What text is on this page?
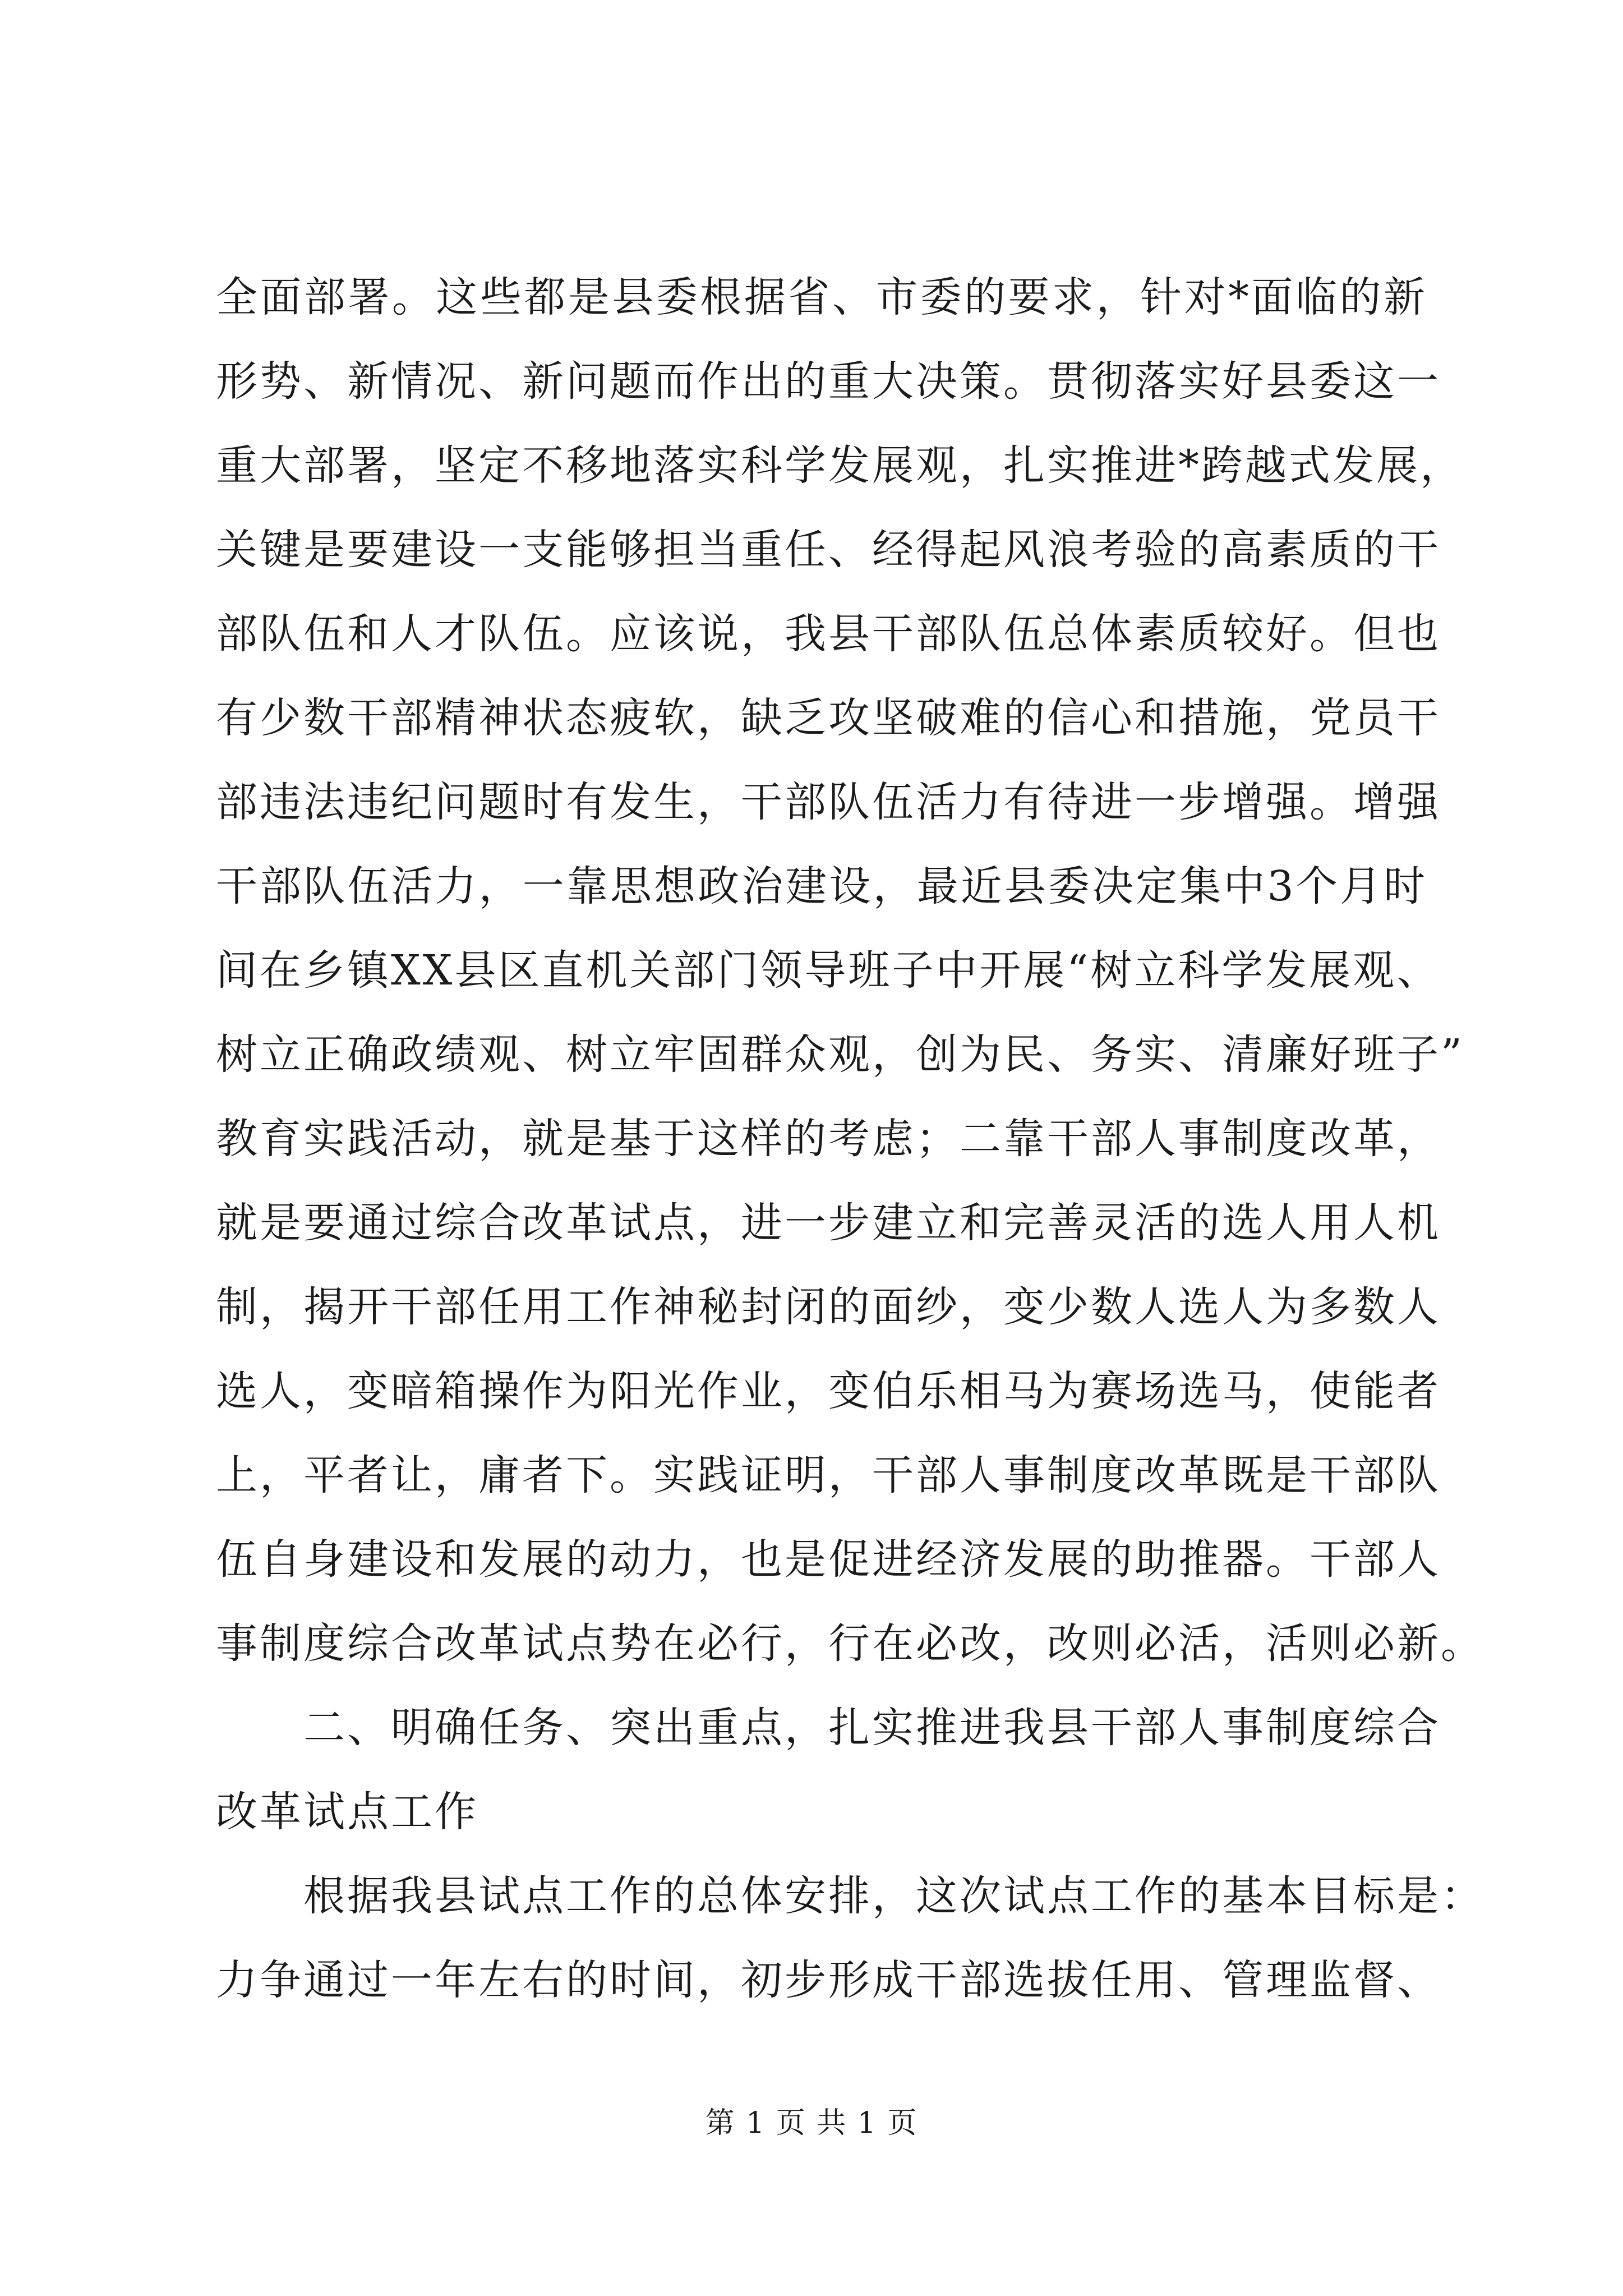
全面部署。这些都是县委根据省、市委的要求，针对*面临的新
形势、新情况、新问题而作出的重大决策。贯彻落实好县委这一
重大部署，坚定不移地落实科学发展观，扎实推进*跨越式发展，
关键是要建设一支能够担当重任、经得起风浪考验的高素质的干
部队伍和人才队伍。应该说，我县干部队伍总体素质较好。但也
有少数干部精神状态疲软，缺乏攻坚破难的信心和措施，党员干
部违法违纪问题时有发生，干部队伍活力有待进一步增强。增强
干部队伍活力，一靠思想政治建设，最近县委决定集中3个月时
间在乡镇XX县区直机关部门领导班子中开展“树立科学发展观、
树立正确政绩观、树立牢固群众观，创为民、务实、清廉好班子”
教育实践活动，就是基于这样的考虑；二靠干部人事制度改革，
就是要通过综合改革试点，进一步建立和完善灵活的选人用人机
制，揭开干部任用工作神秘封闭的面纱，变少数人选人为多数人
选人，变暗箱操作为阳光作业，变伯乐相马为赛场选马，使能者
上，平者让，庸者下。实践证明，干部人事制度改革既是干部队
伍自身建设和发展的动力，也是促进经济发展的助推器。干部人
事制度综合改革试点势在必行，行在必改，改则必活，活则必新。
二、明确任务、突出重点，扎实推进我县干部人事制度综合
改革试点工作
根据我县试点工作的总体安排，这次试点工作的基本目标是：
力争通过一年左右的时间，初步形成干部选拔任用、管理监督、
第 1 页 共 1 页
